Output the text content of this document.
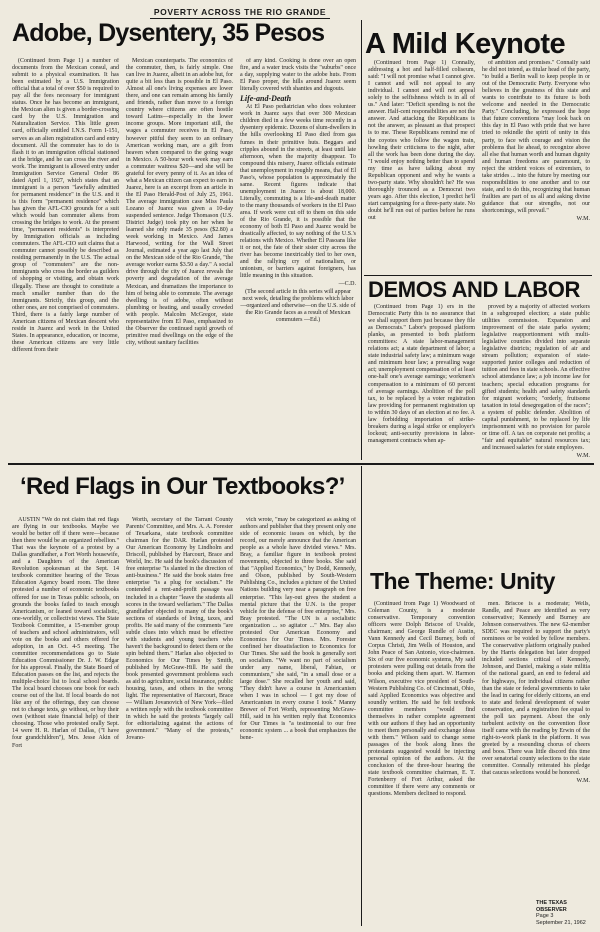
POVERTY ACROSS THE RIO GRANDE
Adobe, Dysentery, 35 Pesos A Mild Keynote

(Continued from Page 1) a number of documents from the Mexican consul, and submit to a physical examination. It has been estimated by a U.S. Immigration official that a total of over $50 is required to pay all the fees necessary for immigrant status. Once he has become an immigrant, the Mexican alien is given a border-crossing card by the U.S. Immigration and Naturalization Service. This little green card, officially entitled I.N.S. Form I-151, serves as an alien registration card and entry document. All the commuter has to do is flash it to an immigration official stationed at the bridge, and he can cross the river and work. The immigrant is allowed entry under Immigration Service General Order 86 dated April 1, 1927, which states that an immigrant is a person "lawfully admitted for permanent residence" in the U.S. and it is this form "permanent residence" which has given the AFL-CIO grounds for a suit which would ban commuter aliens from crossing the bridges to work. At the present time, "permanent residents" is interpreted by Immigration officials as including commuters. The AFL-CIO suit claims that a commuter cannot possibly be described as residing permanently in the U.S. The actual group of "commuters" are the non-immigrants who cross the border as guilders of shopping or visiting, and obtain work illegally. These are thought to constitute a much smaller number than do the immigrants. Strictly, this group, and the other ones, are not comprised of commuters. Third, there is a fairly large number of American citizens of Mexican descent who reside in Juarez and work in the United States. In appearance, education, or income, these American citizens are very little different from their

Mexican counterparts. The economics of the commuter, then, is fairly simple. One can live in Juarez, albeit in an adobe hut, for quite a bit less than is possible in El Paso. Almost all one's living expenses are lower there, and one can remain among his family and friends, rather than move to a foreign country where citizens are often hostile toward Latins—especially in the lower income groups. More important still, the wages a commuter receives in El Paso, however pitiful they seem to an ordinary American working man, are a gift from heaven when compared to the going wage in Mexico. A 50-hour work week may earn a commuter waitress $20—and she will be grateful for every penny of it. As an idea of what a Mexican citizen can expect to earn in Juarez, here is an excerpt from an article in the El Paso Herald-Post of July 25, 1961. The average immigration case Miss Paula Lozano of Juarez was given a 10-day suspended sentence. Judge Thomason (U.S. District Judge) took pity on her when he learned she only made 35 pesos ($2.80) a week working in Mexico. And James Harwood, writing for the Wall Street Journal, estimated a year ago last July that on the Mexican side of the Rio Grande, "the average worker earns $3.50 a day." A social drive through the city of Juarez reveals the poverty and degradation of the average Mexican, and dramatizes the importance to him of being able to commute. The average dwelling is of adobe, often without plumbing or heating, and usually crowded with people. Malcolm McGregor, state representative from El Paso, emphasized to the Observer the continued rapid growth of primitive mud dwellings on the edge of the city, without sanitary facilities

of any kind. Cooking is done over an open fire, and a water truck visits the "suburbs" once a day, supplying water to the adobe huts. From El Paso proper, the hills around Juarez seem literally covered with shanties and dugouts.

Life-and-Death

At El Paso pediatrician who does volunteer work in Juarez says that over 300 Mexican children died in a few weeks time recently in a dysentery epidemic. Dozens of slum-dwellers in the hills overlooking El Paso died from gas fumes in their primitive huts. Beggars and cripples abound in the streets, at least until late afternoon, when the majority disappear. To compound this misery, Juarez officials estimate that unemployment in roughly means, that of El Paso's, whose population is approximately the same. Recent figures indicate that unemployment in Juarez is about 18,000. Literally, commuting is a life-and-death matter to the many thousands of workers in the El Paso area. If work were cut off to them on this side of the Rio Grande, it is possible that the economy of both El Paso and Juarez would be drastically affected, to say nothing of the U.S.'s relations with Mexico. Whether El Pasoans like it or not, the fate of their sister city across the river has become inextricably tied to her own, and the rallying cry of nationalism, or unionism, or barriers against foreigners, has little meaning in this situation.

—C.D.

(The second article in this series will appear next week, detailing the problems which labor—organized and otherwise—on the U.S. side of the Rio Grande faces as a result of Mexican commuters —Ed.)

(Continued from Page 1) Connally, addressing a hot and half-filled coliseum, said: "I will not promise what I cannot give. I cannot and will not appeal to any individual. I cannot and will not appeal solely to the selfishness which is in all of us." And later: "Deficit spending is not the answer. Half-cent responsibilities are not the answer. And attacking the Republicans is not the answer, as pleasant as that prospect is to me. These Republicans remind me of the coyotes who follow the wagon train, howling their criticisms to the night, after all the work has been done during the day. "I would enjoy nothing better than to spend my time as have talking about my Republican opponent and why he wants a two-party state. Why shouldn't he? He was thoroughly trounced as a Democrat two years ago. After this election, I predict he'll start campaigning for a three-party state. No doubt he'll run out of parties before he runs out

of ambition and promises." Connally said he did not intend, as titular head of the party, "to build a Berlin wall to keep people in or out of the Democratic Party. Everyone who believes in the greatness of this state and wants to contribute to its future is both welcome and needed in the Democratic Party." Concluding, he expressed the hope that future conventions "may look back on this day in El Paso with pride that we have tried to rekindle the spirit of unity in this party, to face with courage and vision the problems that lie ahead, to recognize above all else that human worth and human dignity and human freedoms are paramount, to reject the strident voices of extremism, to take strides ... into the future by meeting our responsibilities to one another and to our state, and to do this, recognizing that human frailties are part of us all and asking divine guidance that our strengths, not our shortcomings, will prevail."

W.M.
DEMOS AND LABOR

(Continued from Page 1) ers in the Democratic Party this is no assurance that we shall support them just because they file as Democrats." Labor's proposed platform planks, as presented to both platform committees: A state labor-management relations act; a state department of labor; a state industrial safety law; a minimum wage and minimum hour law; a prevailing wage act; unemployment compensation of at least one-half one's average earnings; workmen's compensation to a minimum of 60 percent of average earnings. Abolition of the poll tax, to be replaced by a voter registration law providing for permanent registration up to within 30 days of an election at no fee. A law forbidding importation of strike-breakers during a legal strike or employer's lockout; anti-security provisions in labor-management contracts when ap-

proved by a majority of affected workers in a subgrouped election; a state public utilities commission. Expansion and improvement of the state parks system; legislative reapportionment with multi-legislative counties divided into separate legislative districts; regulation of air and stream pollution; expansion of state-supported junior colleges and reduction of tuition and fees in state schools. An effective school attendance law; a job income law for teachers; special education programs for gifted students; health and safety standards for migrant workers; "orderly, fruitsome taxation in total desegregation of the races"; a system of public defender. Abolition of capital punishment, to be replaced by life imprisonment with no provision for parole or time off. A tax on corporate net profits; a "fair and equitable" natural resources tax; and increased salaries for state employees.

W.M.
‘Red Flags in Our Textbooks?’

AUSTIN "We do not claim that red flags are flying in our textbooks. Maybe we would be better off if there were—because then there would be an organized rebellion." That was the keynote of a protest by a Dallas grandfather, a Fort Worth housewife, and a Daughters of the American Revolution spokesman at the Sept. 14 textbook committee hearing of the Texas Education Agency board room. The three protested a number of economic textbooks offered for use in Texas public schools, on grounds the books failed to teach enough Americanism, or leaned toward socialistic, one-worldly, or collectivist views. The State Textbook Committee, a 15-member group of teachers and school administrators, will vote on the books and others offered for adoption, in an Oct. 4-5 meeting. The committee recommendations go to State Education Commissioner Dr. J. W. Edgar for his approval. Finally, the State Board of Education passes on the list, and rejects the multiple-choice list to local school boards. The local board chooses one book for each course out of the list. If local boards do not like any of the offerings, they can choose not to change texts, go without, or buy their own (without state financial help) of their choosing. Those who protested orally Sept. 14 were H. R. Harlan of Dallas, ("I have four grandchildren"), Mrs. Jesse Akin of Fort

Worth, secretary of the Tarrant County Parents' Committee, and Mrs. A. A. Forester of Texarkana, state textbook committee chairman for the DAR. Harlan protested Our American Economy by Lindholm and Driscoll, published by Harcourt, Brace and World, Inc. He said the book's discussion of free enterprise "is slanted in the direction of anti-business." He said the book states free enterprise "is a plug for socialism." He contended a rent-and-profit passage was included in a chapter "leave the students all scores in the toward welfarism." The Dallas grandfather objected to many of the book's sections of standards of living, taxes, and profits. He said many of the comments "are subtle clues into which must be effective with students and young teachers who haven't the background to detect them or the spin behind them." Harlan also objected to Economics for Our Times by Smith, published by McGraw-Hill. He said the book presented government problems such as aid to agriculture, social insurance, public housing, taxes, and others in the wrong light. The representative of Harcourt, Brace — William Jovanovich of New York—filed a written reply with the textbook committee in which he said the protests "largely call for editorializing against the actions of government." "Many of the protests," Jovano-

vich wrote, "may be categorized as asking of authors and publisher that they present only one side of economic issues on which, by the record, our merely announce that the American people as a whole have divided views." Mrs. Bray, a familiar figure in textbook protest movements, objected to three books. She said that "Applied Economics," by Dodd, Kennedy, and Olson, published by South-Western Publishing Co., includes a picture of the United Nations building very near a paragraph on free enterprise. "This lay-out gives the student a mental picture that the U.N. is the proper vehicle for the defense of free enterprise," Mrs. Bray protested. "The UN is a socialistic organization ... so agitator ..." Mrs. Bay also protested Our American Economy and Economics for Our Times. Mrs. Forester confined her dissatisfaction to Economics for Our Times. She said the book is generally sort on socialism. "We want no part of socialism under any name, liberal, Fabian, or communism," she said, "in a small dose or a large dose." She recalled her youth and said, "They didn't have a course in Americanism when I was in school — I got my dose of Americanism in every course I took." Manny Brewer of Fort Worth, representing McGraw-Hill, said in his written reply that Economics for Our Times is "a testimonial to our free economic system ... a book that emphasizes the bene-

The Theme: Unity

(Continued from Page 1) Woodward of Coleman County, is a moderate conservative. Temporary convention officers were Dolph Briscoe of Uvalde, chairman; and George Rundle of Austin, Vann Kennedy and Cecil Burney, both of Corpus Christi, Jim Wells of Houston, and John Peace of San Antonio, vice-chairmen. Six of our five economic systems, My said protesters were pulling out details from the books and picking them apart. W. Harmon Wilson, executive vice president of South-Western Publishing Co. of Cincinnati, Ohio, said Applied Economics was objective and soundly written. He said he felt textbook committee members "would find themselves in rather complete agreement with our authors if they had an opportunity to meet them personally and exchange ideas with them." Wilson said to change some passages of the book along lines the protestants suggested would be injecting personal opinion of the authors. At the conclusion of the three-hour hearing the state textbook committee chairman, E. T. Fortenberry of Fort Arthur, asked the committee if there were any comments or questions. Members declined to respond.

men. Briscoe is a moderate; Wells, Randle, and Peace are identified as very conservative; Kennedy and Burney are Johnson conservatives. The new 62-member SDEC was required to support the party's nominees or be voided by fellow members. The conservative platform originally pushed by the Harris delegation but later dropped included sections critical of Kennedy, Johnson, and Daniel, making a state militia of the national guard, an end to federal aid for highways, for individual citizens rather than the state or federal governments to take the lead in caring for elderly citizens, an end to state and federal development of water conservation, and a registration fee equal to the poll tax payment. About the only turbulent activity on the convention floor itself came with the reading by Erwin of the right-to-work plank in the platform. It was greeted by a resounding chorus of cheers and boos. There was little discord this time over senatorial county selections to the state committee. Connally reiterated his pledge that caucus selections would be honored.

W.M.
THE TEXAS OBSERVER
Page 3
September 21, 1962
